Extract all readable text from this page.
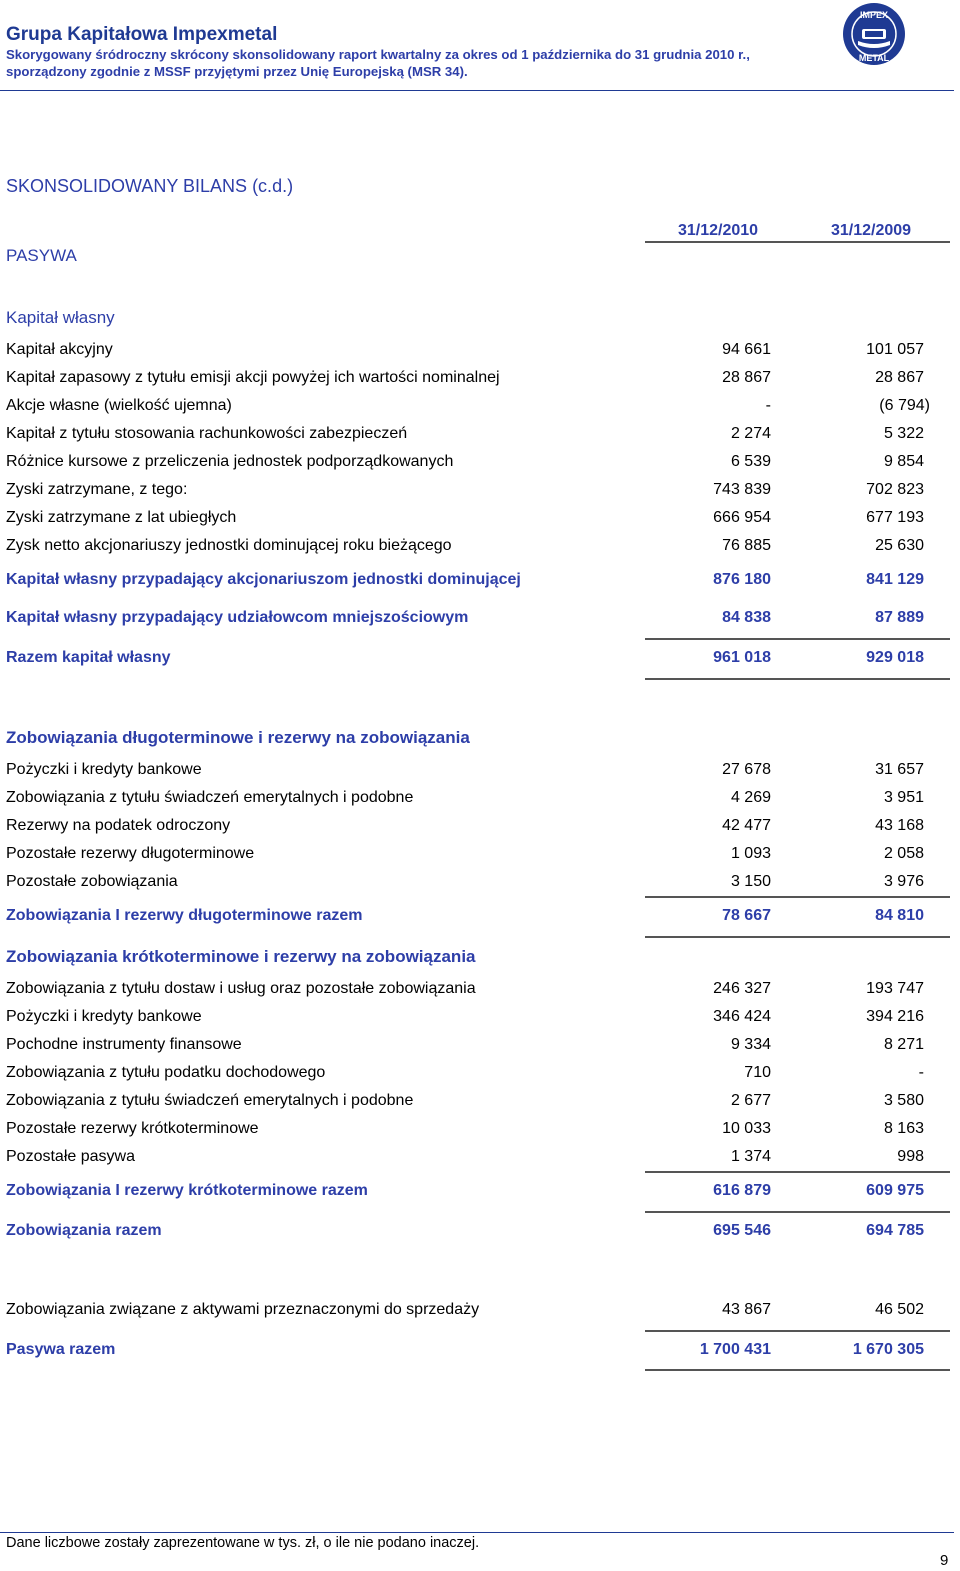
Grupa Kapitałowa Impexmetal
Skorygowany śródroczny skrócony skonsolidowany raport kwartalny za okres od 1 października do 31 grudnia 2010 r.,
sporządzony zgodnie z MSSF przyjętymi przez Unię Europejską (MSR 34).
IMPEX
METAL
SKONSOLIDOWANY BILANS (c.d.)
PASYWA
31/12/2010	31/12/2009
Kapitał własny
Kapitał akcyjny	94 661	101 057
Kapitał zapasowy z tytułu emisji akcji powyżej ich wartości nominalnej	28 867	28 867
Akcje własne (wielkość ujemna)	-	(6 794)
Kapitał z tytułu stosowania rachunkowości zabezpieczeń	2 274	5 322
Różnice kursowe z przeliczenia jednostek podporządkowanych	6 539	9 854
Zyski zatrzymane, z tego:	743 839	702 823
Zyski zatrzymane z lat ubiegłych	666 954	677 193
Zysk netto akcjonariuszy jednostki dominującej roku bieżącego	76 885	25 630
Kapitał własny przypadający akcjonariuszom jednostki dominującej	876 180	841 129
Kapitał własny przypadający udziałowcom mniejszościowym	84 838	87 889
Razem kapitał własny	961 018	929 018
Zobowiązania długoterminowe i rezerwy na zobowiązania
Pożyczki i kredyty bankowe	27 678	31 657
Zobowiązania z tytułu świadczeń emerytalnych i podobne	4 269	3 951
Rezerwy na podatek odroczony	42 477	43 168
Pozostałe rezerwy długoterminowe	1 093	2 058
Pozostałe zobowiązania	3 150	3 976
Zobowiązania I rezerwy długoterminowe razem	78 667	84 810
Zobowiązania krótkoterminowe i rezerwy na zobowiązania
Zobowiązania z tytułu dostaw i usług oraz pozostałe zobowiązania	246 327	193 747
Pożyczki i kredyty bankowe	346 424	394 216
Pochodne instrumenty finansowe	9 334	8 271
Zobowiązania z tytułu podatku dochodowego	710	-
Zobowiązania z tytułu świadczeń emerytalnych i podobne	2 677	3 580
Pozostałe rezerwy krótkoterminowe	10 033	8 163
Pozostałe pasywa	1 374	998
Zobowiązania I rezerwy krótkoterminowe razem	616 879	609 975
Zobowiązania razem	695 546	694 785
Zobowiązania związane z aktywami przeznaczonymi do sprzedaży	43 867	46 502
Pasywa razem	1 700 431	1 670 305
Dane liczbowe zostały zaprezentowane w tys. zł, o ile nie podano inaczej.
9
